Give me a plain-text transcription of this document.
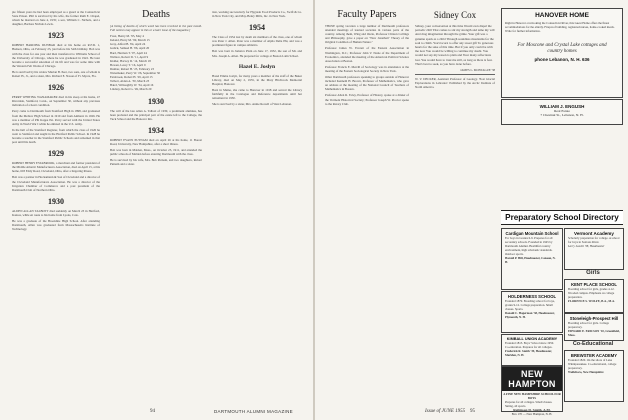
ple fifteen years he had been employed as a guard at the Connecticut State Prison. Phil is survived by his wife, the former Ruth E. Chapel, whom he married on June 4, 1935; a son, William C. Nichols, and a daughter, Barbara Nichols Lewis.

1923

ROBERT HARDING DUNBAR died at his home on R.F.D. 1, Hudson, Ohio, on February 23, just before his 54th birthday. Bob was with the class for one year and then transferred to Williams School of the University of Chicago, where he was graduated in 1922. He later became a successful salesman of tin lift and was for some time with the Western Felt Works of Chicago.

He is survived by his widow Marian B. Peet, two sons, one of whom is Robert H., Jr., and a sister, Mrs. Richard E. Nason of Ft. Myers, Fla.

1926

PERRY WHITING WANAMAKER died in his sleep at his home, 47 Riverdale, Stamford, Conn., on September 30, without any previous indication of a heart condition.

Perry came to Dartmouth from Stamford High in 1898, and graduated from the Mellow High School in 1919 and from Amherst in 1926. He was a member of Phi Kappa Psi. Perry served with the United States Army in World War I while he enlisted in the U.S. Army.

In the hall of the Stamford Register, from which the class of 1926 he went to Stamford and taught in the Hartford Public School. In 1928 he became a teacher in the Stamford Public Schools and remained in that post until his death.

1929

ROBERT HENRY ESTABROOK, a merchant and former president of the Middle Atlantic Manufacturers Association, died on April 15, at his home, 603 Eddy Road, Cleveland, Ohio, after a lingering illness.

Bob was a partner in Hockamann & Son of Cleveland and a director of the Cleveland Manufacturers Association. He was a director of the Irrigation Chamber of Commerce and a past president of the Dartmouth Club of Northern Ohio.

1930

ALDEN ALLAN TALBOTT died suddenly on March 23 in Hartford, Kansas, while en route to his home from Lyons, Colo.

He was a graduate of the Brookline High School. After attending Dartmouth, Allan was graduated from Massachusetts Institute of Technology.

Deaths

[A listing of deaths of which word has been received in the past month. Full notices may appear in this or a later issue of the magazine.]

Frost, Henry M. '95, May 4
Ireland, Harry M. '99, March 15
Gray, Alfred B. '04, April 24
Gulick, Samuel H. '06, April 20
Bard, Herman T. '07, April 24
Wallace, Robert D. '11, April 9
Kidder, Harvey D. '14, March 18
Bowen, Leroy T. '16, April 9
Dunbar, Robert H. '23, February 23
Wanamaker, Perry W. '26, September 30
Estabrook, Robert H. '29, April 15
Talbott, Alden A. '30, March 23
Baird, Willoughby W. '34, April 16
Lindsay, Robert G. '49, March 29
1930

The will of the late Allen A. Talbott of 1930, a prominent alumnus, has been probated and the principal part of the estate left to the College, the Tuck School and the Hanover Inn.

1934

ROBERT EVANS PUTNAM died on April 26 at his home, 11 Borest Road, University, New Hampshire, after a short illness.

Bob was born in Malden, Mass., on October 25, 1911, and attended the public schools of Malden before entering Dartmouth with the class.

He is survived by his wife, Mrs. Bob Putnam, and two daughters, Robert Putnam and a sister.

tion, working successively for Hygrade Food Products Co., Swift & Co. in New York City, and May-Henry Mills, Inc. in New York.

1954

The Class of 1954 lost by death six members of the class, one of whom was Peter J. Allen. Peter was a member of Alpha Delta Phi, and was a prominent figure in campus athletics.

Bob was born in Jamaica Plain on June 17, 1932, the son of Mr. and Mrs. Joseph A. Allen. He prepared for college at Boston Latin School.

Hazel E. Joslyn

Hazel Emma Joslyn, for many years a member of the staff of the Baker Library, died on May 2, 1955, in the Mary Hitchcock Memorial Hospital, Hanover.

Born in Maine, she came to Hanover in 1918 and served the Library faithfully in the Catalogue and Reference departments until her retirement in 1950.

She is survived by a sister, Mrs. Annie Rowell of West Lebanon.

94	DARTMOUTH ALUMNI MAGAZINE
Faculty Papers

THOSE spring vacation a large number of Dartmouth professors attended meetings of learned societies in various parts of the country. Among them, Wing and Ozzie, Professor Clinton Collings and Philosophy, gave a paper on "New Jonathan" Theory of the Original Condition of Human Nature."

Professor James W. Everett of the Eastern Association in Washington, D.C.; Professor John V. Neale of the Department of Economics, attended the meeting of the American Political Science Association at Boston.

Professor Francis E. Merrill of Sociology was in attendance at the meeting of the Eastern Sociological Society in New York.

Other Dartmouth professors speaking to groups outside of Hanover included Kenneth H. Brown, Professor of Mathematics, who gave an address at the meeting of the National Council of Teachers of Mathematics in Boston.

Professor Allen R. Foley, Professor of History, spoke at a dinner of the Vermont Historical Society; Professor Joseph W. Proctor spoke to the Rotary Club.

Sidney Cox

Sidney, your conversation at this time Would own dispel the periodic chill That comes to stir my strength and tame my will And drag imagination through the grime. Your gift was a genuine spark as a child Through soundless mountains for the soul to climb. You'd scorn to offer any sweet gift To generous hearts for the sake of this time. But if you only could be with me now You would be willing to continue my doubt. You would not say my lesson is plain and Your many reflections lost. You would have to trust me still, as long as there is fear. That's best to seek, as you have done before.

JAMES L. MONTAGUE '38

W. V. DECKER, Assistant Professor of Geology. 'Post Glacial Explorations in Labrador.' Published by the Arctic Institute of North America.

HANOVER HOME
Right in Hanover overlooking the Connecticut River, this Guest Home offers the finest accommodations for the elderly. Fireproof building, registered nurses, home-cooked meals. Write for further information.
For Moscone and Crystal Lake cottages and country homes
phone Lebanon, N. H. 636
WILLIAM J. ENGUSH
Real Estate
7 Chestnut St., Lebanon, N. H.
Issue of JUNE 1955 95
Preparatory School Directory
Cardigan Mountain School
For boys in Grades 6-9. Prepares for all secondary schools. Founded in 1945 by Dartmouth Alumni. Healthful country environment, high scholastic standards. Outdoor sports.
Harold P. Hill, Headmaster, Canaan, N. H.
Vermont Academy
Scholarly preparation for college. A school for boys in Saxtons River.
Larry Leavitt '38, Headmaster
Girls
HOLDERNESS SCHOOL
Founded 1879. Boarding school for boys, grades 9-12. College preparation. Small classes. Sports.
Donald C. Hagerman '38, Headmaster, Plymouth, N. H.
KENT PLACE SCHOOL
Boarding school for girls, grades 4-12. Wooded campus. Emphasis on college preparation.
FLORENCE S. WOLFE, B.A., M.A.
Stoneleigh-Prospect Hill
Boarding school for girls. College preparatory.
EDWARD E. ERICSON '10, Greenfield, Mass.
KIMBALL UNION ACADEMY
Founded 1813. Boys' School since 1950. Co-education. Prepares for all colleges.
Frederick R. Smith '39, Headmaster, Meriden, N. H.
Co-Educational
BREWSTER ACADEMY
Founded 1820. On the shore of Lake Winnipesaukee. Co-educational, college preparatory.
Wolfeboro, New Hampshire
NEW HAMPTON
A FINE NEW HAMPSHIRE SCHOOL FOR BOYS
Prepares for all colleges. Small classes. Skiing, all sports.
Robinson D. Smith, A.M.
Box 170 — New Hampton, N. H.
